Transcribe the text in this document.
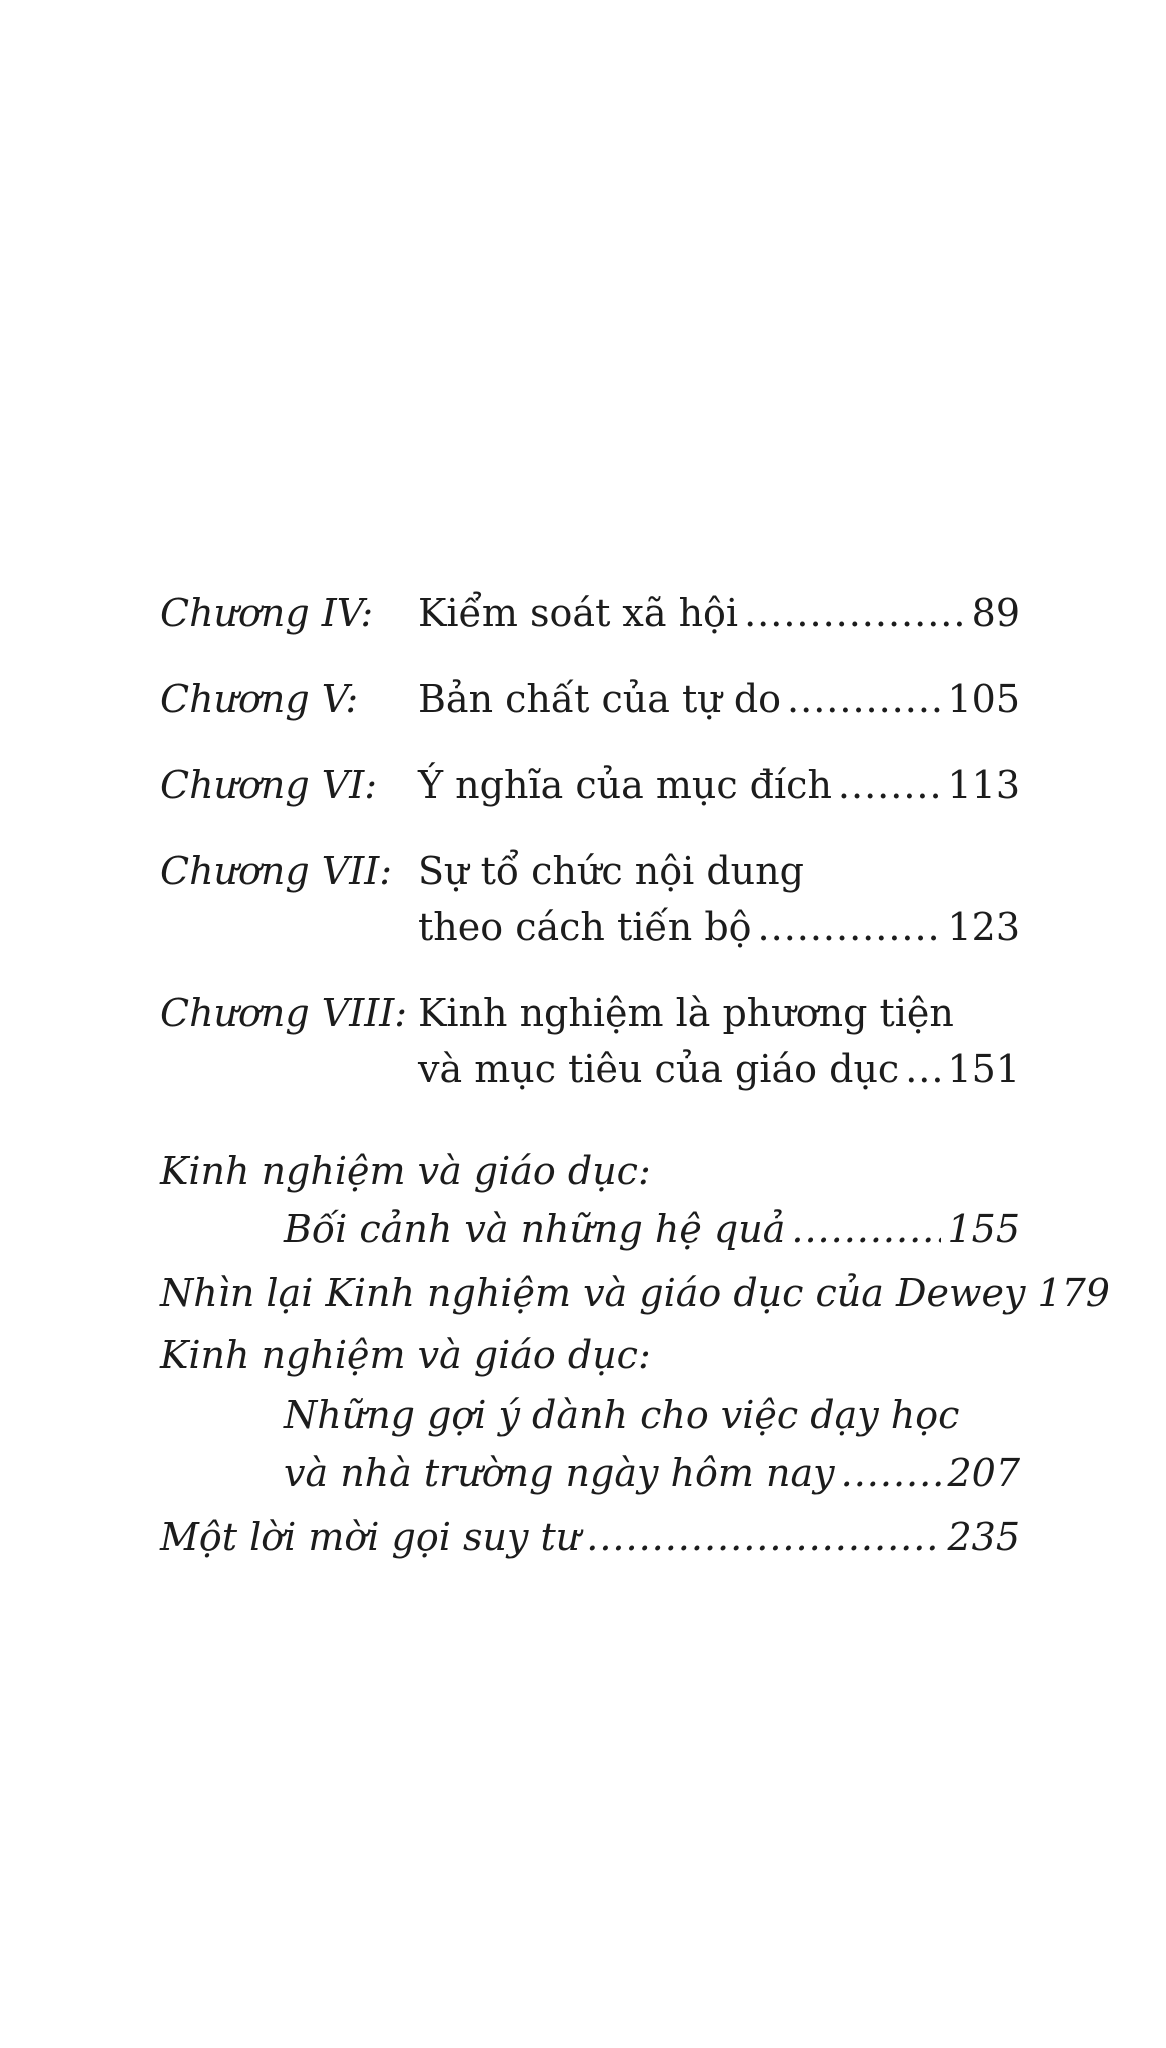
Chương IV: Kiểm soát xã hội .....	89
Chương V: Bản chất của tự do .....	105
Chương VI: Ý nghĩa của mục đích .....	113
Chương VII: Sự tổ chức nội dung
theo cách tiến bộ .....	123
Chương VIII: Kinh nghiệm là phương tiện
và mục tiêu của giáo dục ..... 151
Kinh nghiệm và giáo dục:
Bối cảnh và những hệ quả .....	155
Nhìn lại Kinh nghiệm và giáo dục của Dewey 179
Kinh nghiệm và giáo dục:
Những gợi ý dành cho việc dạy học
và nhà trường ngày hôm nay .....	207
Một lời mời gọi suy tư .....	235
